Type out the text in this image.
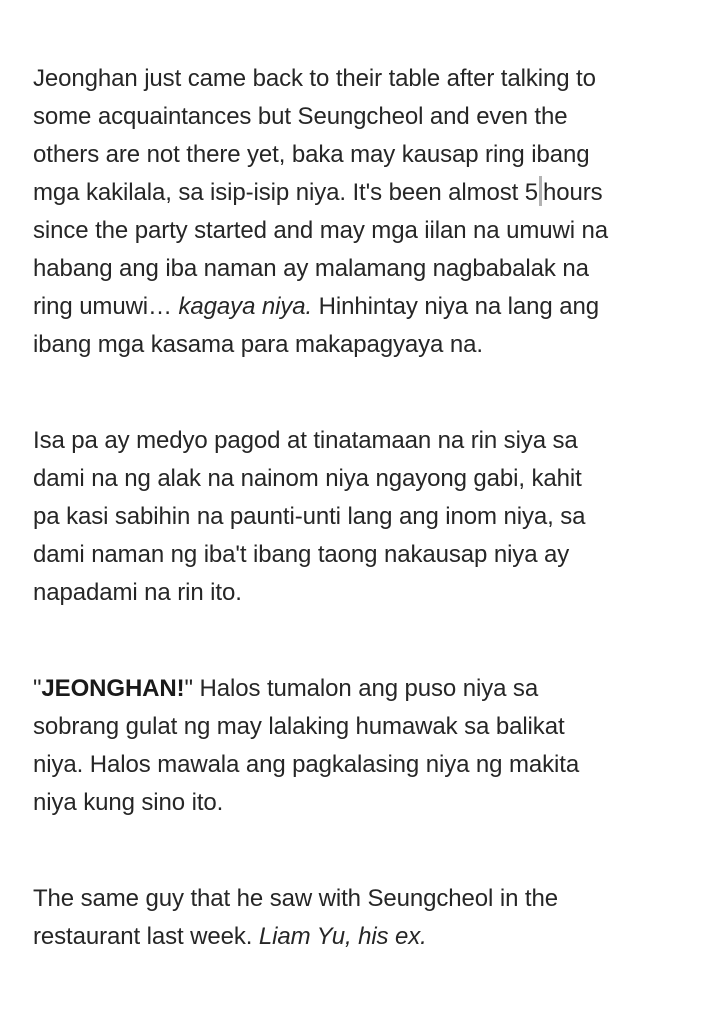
Jeonghan just came back to their table after talking to
some acquaintances but Seungcheol and even the
others are not there yet, baka may kausap ring ibang
mga kakilala, sa isip-isip niya. It's been almost 5 hours
since the party started and may mga iilan na umuwi na
habang ang iba naman ay malamang nagbabalak na
ring umuwi… kagaya niya. Hinhintay niya na lang ang
ibang mga kasama para makapagyaya na.

Isa pa ay medyo pagod at tinatamaan na rin siya sa
dami na ng alak na nainom niya ngayong gabi, kahit
pa kasi sabihin na paunti-unti lang ang inom niya, sa
dami naman ng iba't ibang taong nakausap niya ay
napadami na rin ito.

"JEONGHAN!" Halos tumalon ang puso niya sa
sobrang gulat ng may lalaking humawak sa balikat
niya. Halos mawala ang pagkalasing niya ng makita
niya kung sino ito.

The same guy that he saw with Seungcheol in the
restaurant last week. Liam Yu, his ex.
